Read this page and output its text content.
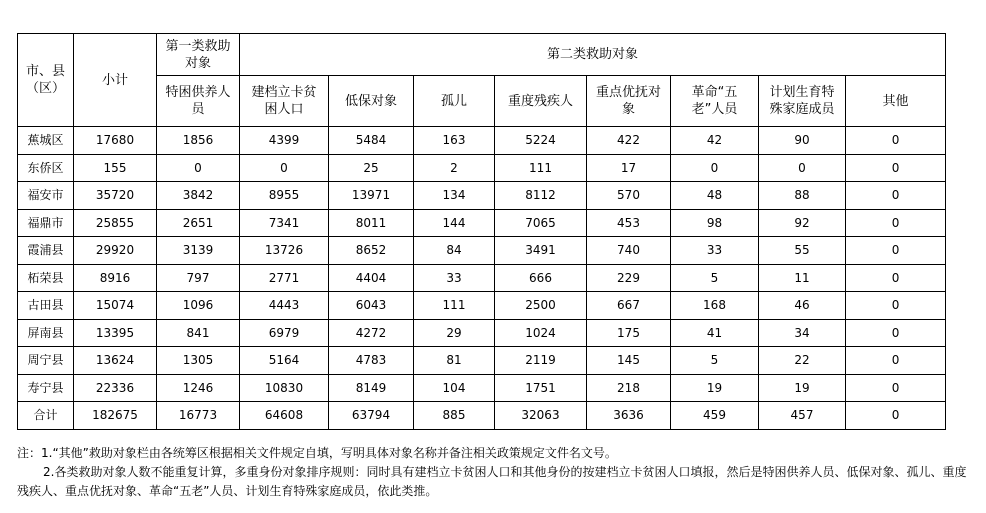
市、县（区）	小计	第一类救助对象	第二类救助对象							
		特困供养人员	建档立卡贫困人口	低保对象	孤儿	重度残疾人	重点优抚对象	革命“五老”人员	计划生育特殊家庭成员	其他
蕉城区	17680	1856	4399	5484	163	5224	422	42	90	0
东侨区	155	0	0	25	2	111	17	0	0	0
福安市	35720	3842	8955	13971	134	8112	570	48	88	0
福鼎市	25855	2651	7341	8011	144	7065	453	98	92	0
霞浦县	29920	3139	13726	8652	84	3491	740	33	55	0
柘荣县	8916	797	2771	4404	33	666	229	5	11	0
古田县	15074	1096	4443	6043	111	2500	667	168	46	0
屏南县	13395	841	6979	4272	29	1024	175	41	34	0
周宁县	13624	1305	5164	4783	81	2119	145	5	22	0
寿宁县	22336	1246	10830	8149	104	1751	218	19	19	0
合计	182675	16773	64608	63794	885	32063	3636	459	457	0

注：1.“其他”救助对象栏由各统筹区根据相关文件规定自填，写明具体对象名称并备注相关政策规定文件名文号。

2.各类救助对象人数不能重复计算，多重身份对象排序规则：同时具有建档立卡贫困人口和其他身份的按建档立卡贫困人口填报，然后是特困供养人员、低保对象、孤儿、重度残疾人、重点优抚对象、革命“五老”人员、计划生育特殊家庭成员，依此类推。
